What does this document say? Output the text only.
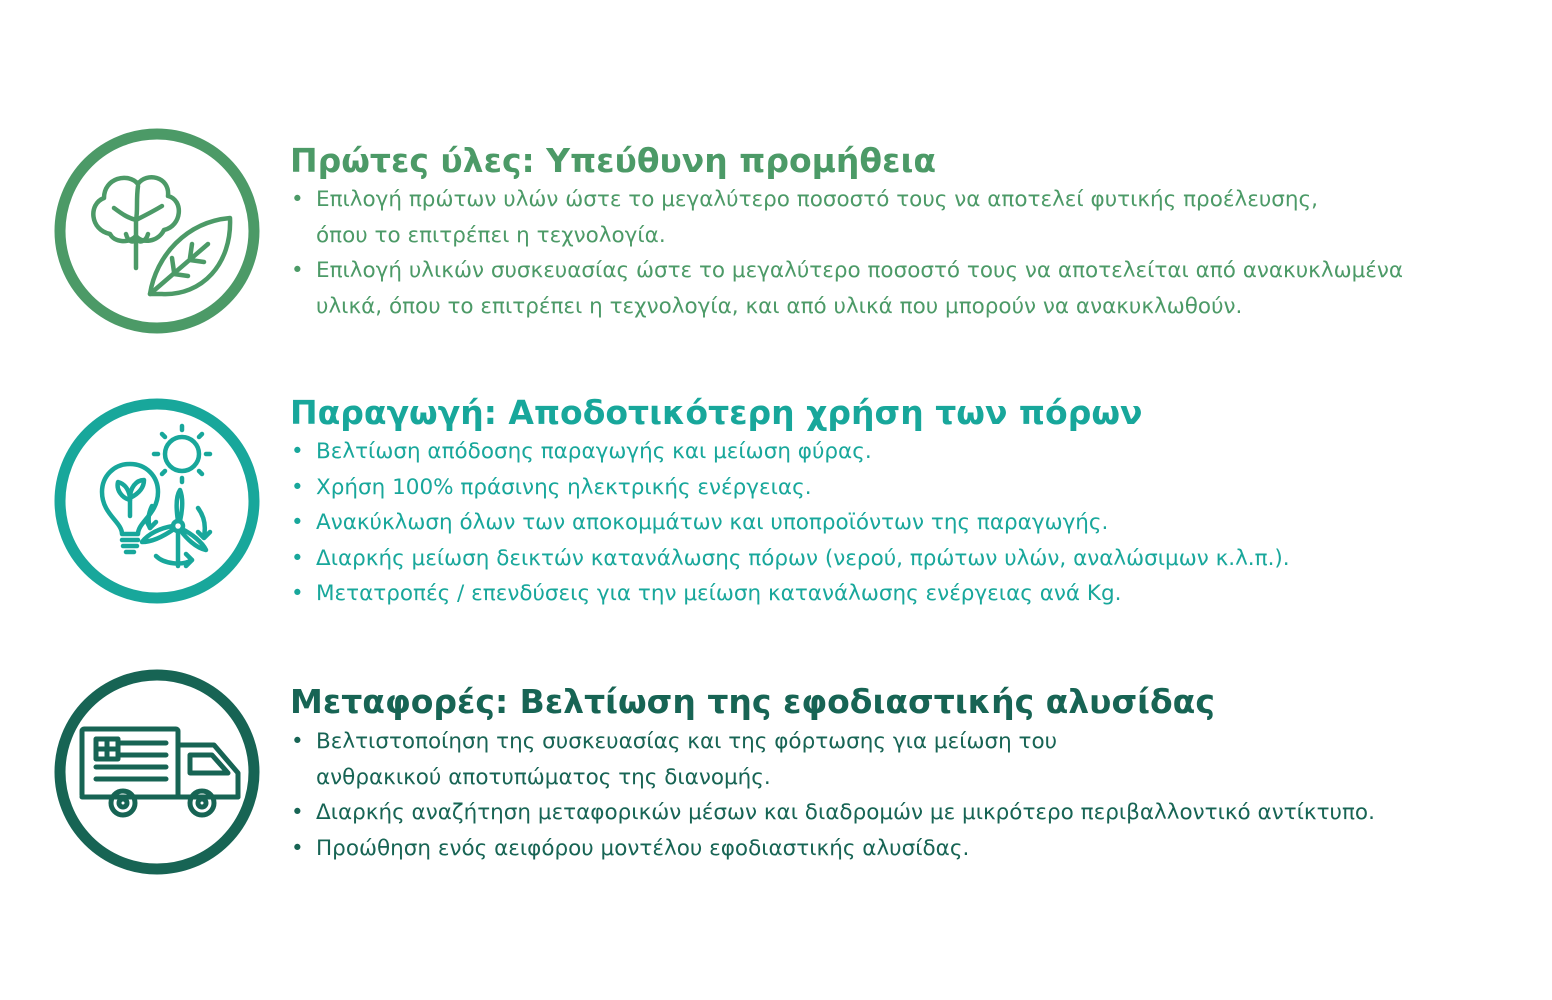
Πρώτες ύλες: Υπεύθυνη προμήθεια
• Επιλογή πρώτων υλών ώστε το μεγαλύτερο ποσοστό τους να αποτελεί φυτικής προέλευσης,
όπου το επιτρέπει η τεχνολογία.
• Επιλογή υλικών συσκευασίας ώστε το μεγαλύτερο ποσοστό τους να αποτελείται από ανακυκλωμένα
υλικά, όπου το επιτρέπει η τεχνολογία, και από υλικά που μπορούν να ανακυκλωθούν.
Παραγωγή: Αποδοτικότερη χρήση των πόρων
• Βελτίωση απόδοσης παραγωγής και μείωση φύρας.
• Χρήση 100% πράσινης ηλεκτρικής ενέργειας.
• Ανακύκλωση όλων των αποκομμάτων και υποπροϊόντων της παραγωγής.
• Διαρκής μείωση δεικτών κατανάλωσης πόρων (νερού, πρώτων υλών, αναλώσιμων κ.λ.π.).
• Μετατροπές / επενδύσεις για την μείωση κατανάλωσης ενέργειας ανά Kg.
Μεταφορές: Βελτίωση της εφοδιαστικής αλυσίδας
• Βελτιστοποίηση της συσκευασίας και της φόρτωσης για μείωση του
ανθρακικού αποτυπώματος της διανομής.
• Διαρκής αναζήτηση μεταφορικών μέσων και διαδρομών με μικρότερο περιβαλλοντικό αντίκτυπο.
• Προώθηση ενός αειφόρου μοντέλου εφοδιαστικής αλυσίδας.
